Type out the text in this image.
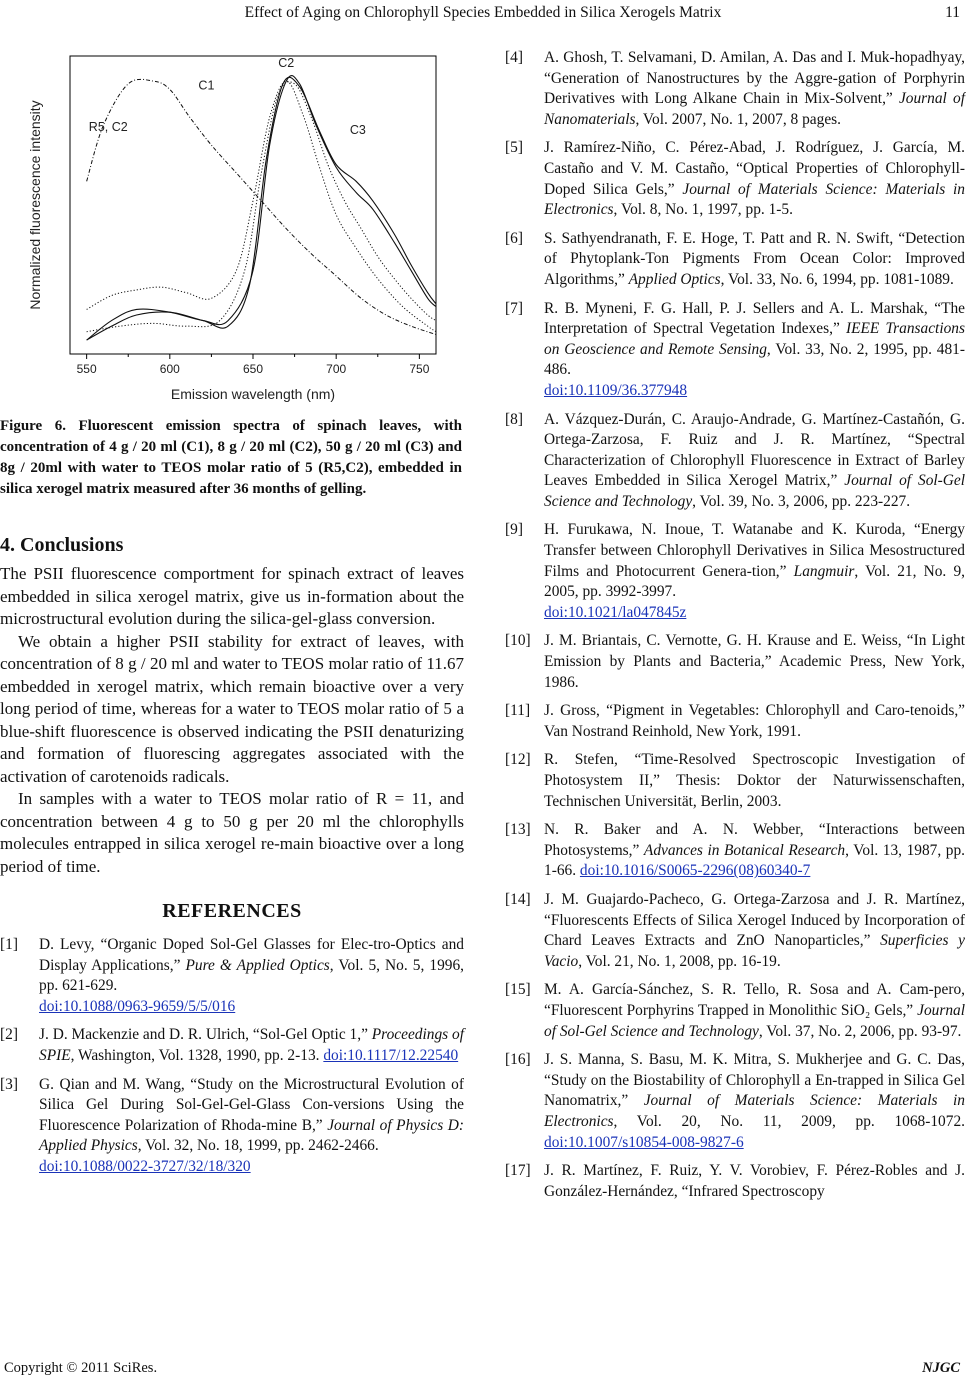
Effect of Aging on Chlorophyll Species Embedded in Silica Xerogels Matrix	11
550	600	650	700	750
Emission wavelength (nm)
Normalized fluorescence intensity
C1
C2
C3
R5, C2
Figure 6. Fluorescent emission spectra of spinach leaves, with concentration of 4 g / 20 ml (C1), 8 g / 20 ml (C2), 50 g / 20 ml (C3) and 8g / 20ml with water to TEOS molar ratio of 5 (R5,C2), embedded in silica xerogel matrix measured after 36 months of gelling.
4. Conclusions

The PSII fluorescence comportment for spinach extract of leaves embedded in silica xerogel matrix, give us in-formation about the microstructural evolution during the silica-gel-glass conversion.

We obtain a higher PSII stability for extract of leaves, with concentration of 8 g / 20 ml and water to TEOS molar ratio of 11.67 embedded in xerogel matrix, which remain bioactive over a very long period of time, whereas for a water to TEOS molar ratio of 5 a blue-shift fluorescence is observed indicating the PSII denaturizing and formation of fluorescing aggregates associated with the activation of carotenoids radicals.

In samples with a water to TEOS molar ratio of R = 11, and concentration between 4 g to 50 g per 20 ml the chlorophylls molecules entrapped in silica xerogel re-main bioactive over a long period of time.

REFERENCES
[1]	D. Levy, “Organic Doped Sol-Gel Glasses for Elec-tro-Optics and Display Applications,” Pure & Applied Optics, Vol. 5, No. 5, 1996, pp. 621-629.
doi:10.1088/0963-9659/5/5/016
[2]	J. D. Mackenzie and D. R. Ulrich, “Sol-Gel Optic 1,” Proceedings of SPIE, Washington, Vol. 1328, 1990, pp. 2-13. doi:10.1117/12.22540
[3]	G. Qian and M. Wang, “Study on the Microstructural Evolution of Silica Gel During Sol-Gel-Gel-Glass Con-versions Using the Fluorescence Polarization of Rhoda-mine B,” Journal of Physics D: Applied Physics, Vol. 32, No. 18, 1999, pp. 2462-2466.
doi:10.1088/0022-3727/32/18/320
[4]	A. Ghosh, T. Selvamani, D. Amilan, A. Das and I. Muk-hopadhyay, “Generation of Nanostructures by the Aggre-gation of Porphyrin Derivatives with Long Alkane Chain in Mix-Solvent,” Journal of Nanomaterials, Vol. 2007, No. 1, 2007, 8 pages.
[5]	J. Ramírez-Niño, C. Pérez-Abad, J. Rodríguez, J. García, M. Castaño and V. M. Castaño, “Optical Properties of Chlorophyll-Doped Silica Gels,” Journal of Materials Science: Materials in Electronics, Vol. 8, No. 1, 1997, pp. 1-5.
[6]	S. Sathyendranath, F. E. Hoge, T. Patt and R. N. Swift, “Detection of Phytoplank-Ton Pigments From Ocean Color: Improved Algorithms,” Applied Optics, Vol. 33, No. 6, 1994, pp. 1081-1089.
[7]	R. B. Myneni, F. G. Hall, P. J. Sellers and A. L. Marshak, “The Interpretation of Spectral Vegetation Indexes,” IEEE Transactions on Geoscience and Remote Sensing, Vol. 33, No. 2, 1995, pp. 481-486.
doi:10.1109/36.377948
[8]	A. Vázquez-Durán, C. Araujo-Andrade, G. Martínez-Castañón, G. Ortega-Zarzosa, F. Ruiz and J. R. Martínez, “Spectral Characterization of Chlorophyll Fluorescence in Extract of Barley Leaves Embedded in Silica Xerogel Matrix,” Journal of Sol-Gel Science and Technology, Vol. 39, No. 3, 2006, pp. 223-227.
[9]	H. Furukawa, N. Inoue, T. Watanabe and K. Kuroda, “Energy Transfer between Chlorophyll Derivatives in Silica Mesostructured Films and Photocurrent Genera-tion,” Langmuir, Vol. 21, No. 9, 2005, pp. 3992-3997.
doi:10.1021/la047845z
[10] J. M. Briantais, C. Vernotte, G. H. Krause and E. Weiss, “In Light Emission by Plants and Bacteria,” Academic Press, New York, 1986.
[11] J. Gross, “Pigment in Vegetables: Chlorophyll and Caro-tenoids,” Van Nostrand Reinhold, New York, 1991.
[12] R. Stefen, “Time-Resolved Spectroscopic Investigation of Photosystem II,” Thesis: Doktor der Naturwissenschaften, Technischen Universität, Berlin, 2003.
[13] N. R. Baker and A. N. Webber, “Interactions between Photosystems,” Advances in Botanical Research, Vol. 13, 1987, pp. 1-66. doi:10.1016/S0065-2296(08)60340-7
[14] J. M. Guajardo-Pacheco, G. Ortega-Zarzosa and J. R. Martínez, “Fluorescents Effects of Silica Xerogel Induced by Incorporation of Chard Leaves Extracts and ZnO Nanoparticles,” Superficies y Vacio, Vol. 21, No. 1, 2008, pp. 16-19.
[15] M. A. García-Sánchez, S. R. Tello, R. Sosa and A. Cam-pero, “Fluorescent Porphyrins Trapped in Monolithic SiO₂ Gels,” Journal of Sol-Gel Science and Technology, Vol. 37, No. 2, 2006, pp. 93-97.
[16] J. S. Manna, S. Basu, M. K. Mitra, S. Mukherjee and G. C. Das, “Study on the Biostability of Chlorophyll a En-trapped in Silica Gel Nanomatrix,” Journal of Materials Science: Materials in Electronics, Vol. 20, No. 11, 2009, pp. 1068-1072. doi:10.1007/s10854-008-9827-6
[17] J. R. Martínez, F. Ruiz, Y. V. Vorobiev, F. Pérez-Robles and J. González-Hernández, “Infrared Spectroscopy
Copyright © 2011 SciRes.	NJGC
